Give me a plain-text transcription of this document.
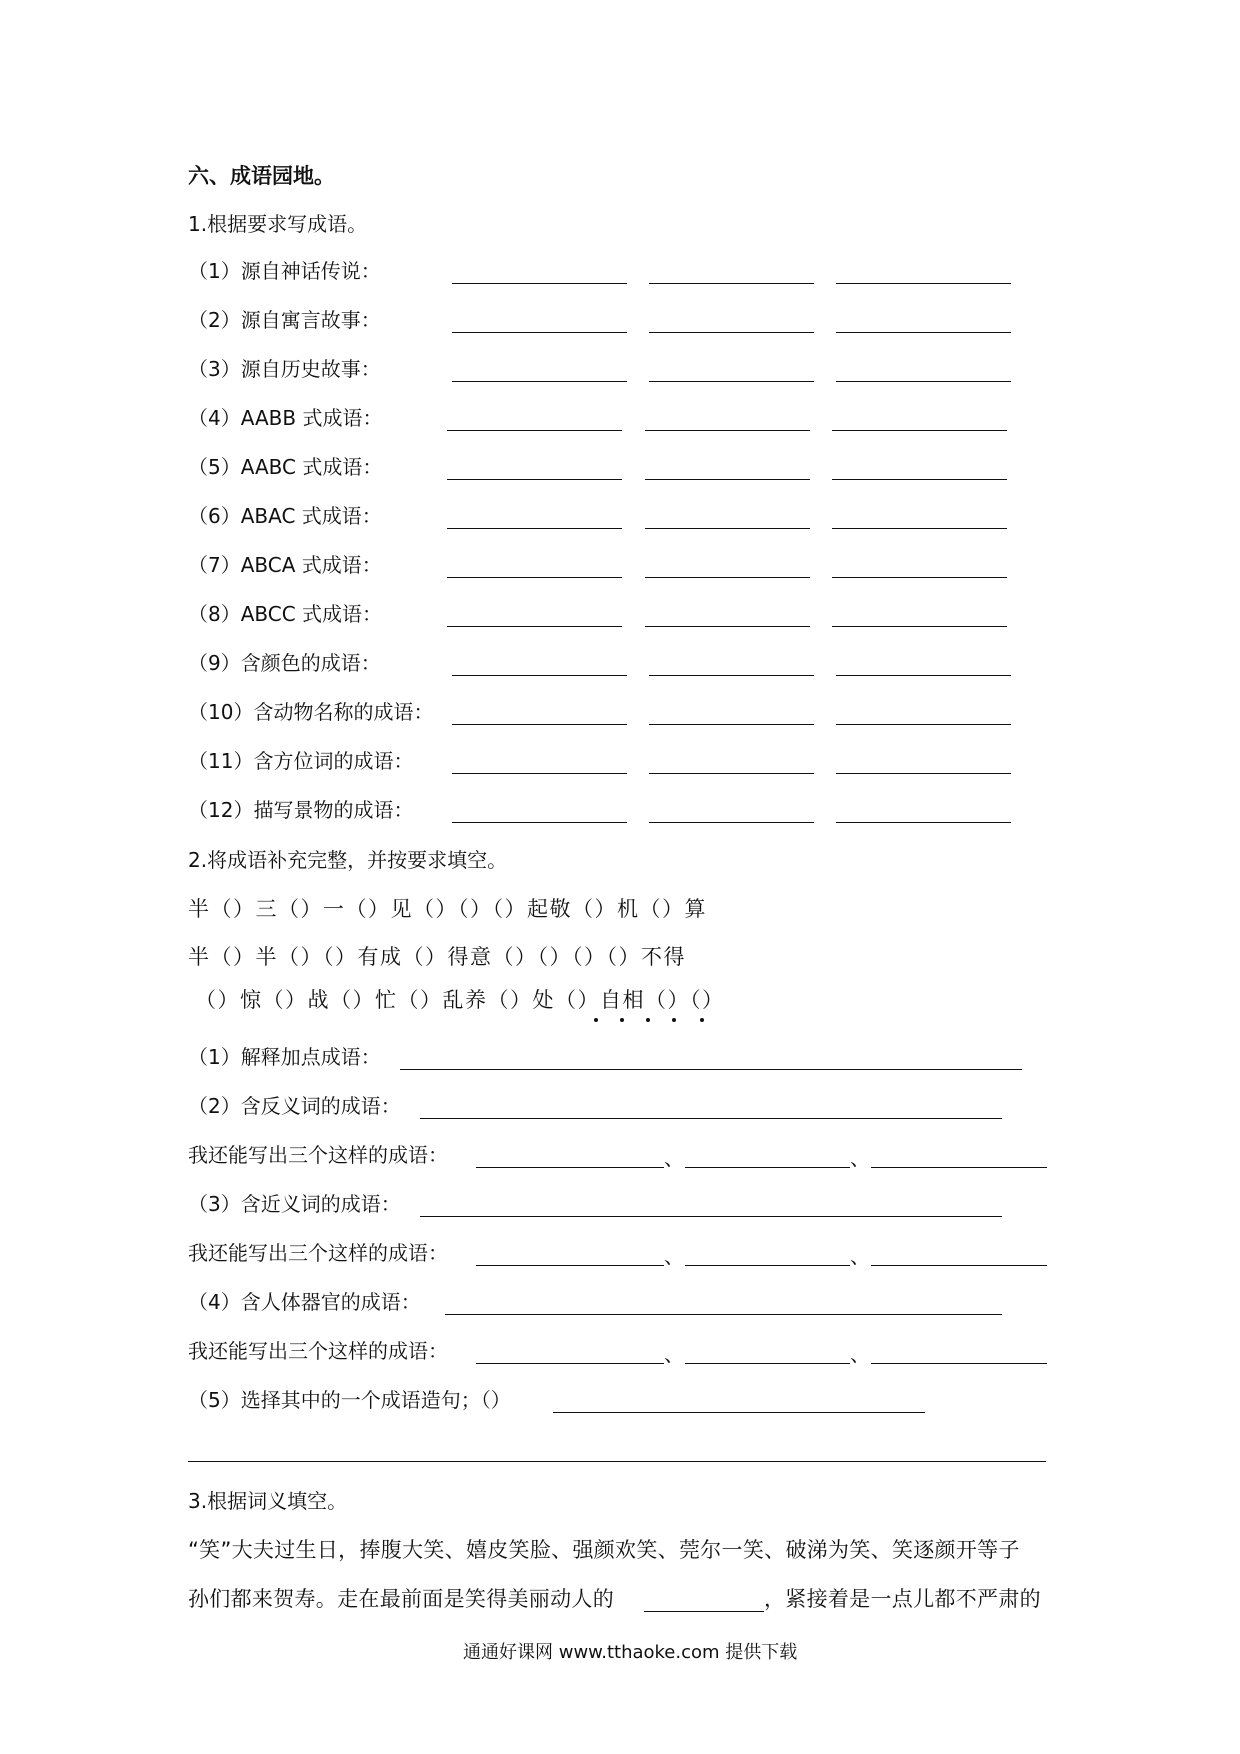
六、成语园地。
1.根据要求写成语。
（1）源自神话传说：
（2）源自寓言故事：
（3）源自历史故事：
（4）AABB 式成语：
（5）AABC 式成语：
（6）ABAC 式成语：
（7）ABCA 式成语：
（8）ABCC 式成语：
（9）含颜色的成语：
（10）含动物名称的成语：
（11）含方位词的成语：
（12）描写景物的成语：
2.将成语补充完整，并按要求填空。
半（）三（）一（）见（）（）（）起敬（）机（）算
半（）半（）（）有成（）得意（）（）（）（）不得
（）惊（）战（）忙（）乱养（）处（）自相（）（）
（1）解释加点成语：
（2）含反义词的成语：
我还能写出三个这样的成语：	、	、
（3）含近义词的成语：
我还能写出三个这样的成语：	、	、
（4）含人体器官的成语：
我还能写出三个这样的成语：	、	、
（5）选择其中的一个成语造句；（）
3.根据词义填空。
“笑”大夫过生日，捧腹大笑、嬉皮笑脸、强颜欢笑、莞尔一笑、破涕为笑、笑逐颜开等子
孙们都来贺寿。走在最前面是笑得美丽动人的	，紧接着是一点儿都不严肃的
通通好课网 www.tthaoke.com 提供下载
